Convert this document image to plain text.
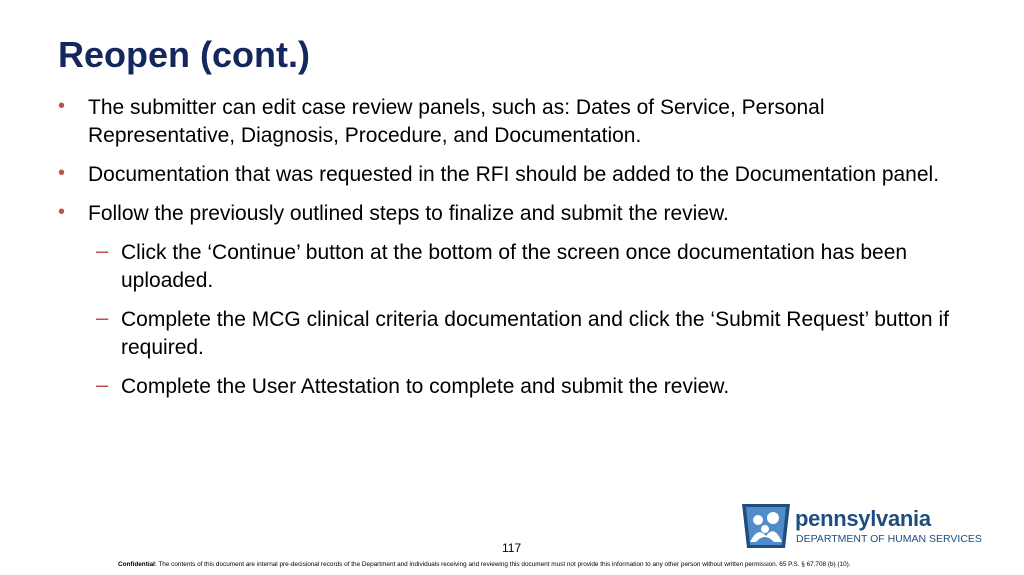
Reopen (cont.)
• The submitter can edit case review panels, such as: Dates of Service, Personal Representative, Diagnosis, Procedure, and Documentation.
• Documentation that was requested in the RFI should be added to the Documentation panel.
• Follow the previously outlined steps to finalize and submit the review.
– Click the ‘Continue’ button at the bottom of the screen once documentation has been uploaded.
– Complete the MCG clinical criteria documentation and click the ‘Submit Request’ button if required.
– Complete the User Attestation to complete and submit the review.
117
Confidential: The contents of this document are internal pre-decisional records of the Department and individuals receiving and reviewing this document must not provide this information to any other person without written permission. 65 P.S. § 67.708 (b) (10).
pennsylvania
DEPARTMENT OF HUMAN SERVICES
